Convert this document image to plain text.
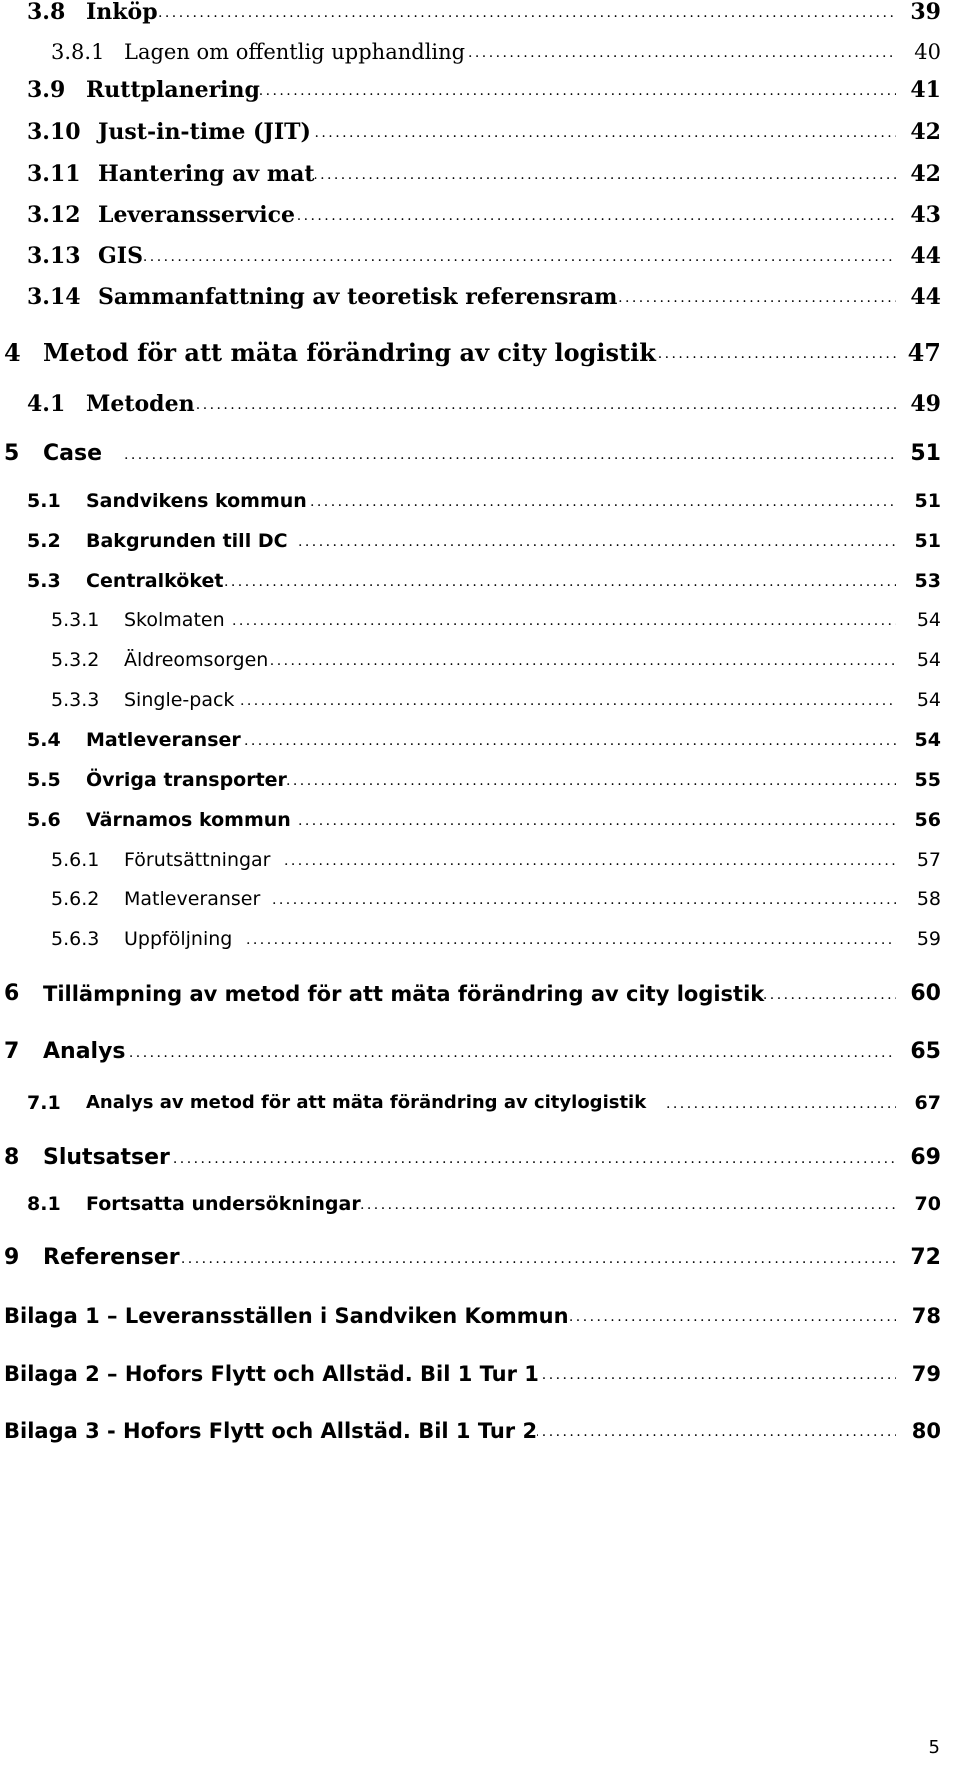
3.8 . . . Inköp	39
3.8.1 . . . Lagen om offentlig upphandling	40
3.9 . . . Ruttplanering	41
3.10 . . . Just-in-time (JIT)	42
3.11 . . . Hantering av mat	42
3.12 . . . Leveransservice	43
3.13 . . . GIS	44
3.14 . . . Sammanfattning av teoretisk referensram	44
4 . . . Metod för att mäta förändring av city logistik	47
4.1 . . . Metoden	49
5 . . . Case	51
5.1 . . . Sandvikens kommun	51
5.2 . . . Bakgrunden till DC	51
5.3 . . . Centralköket	53
5.3.1 . . . Skolmaten	54
5.3.2 . . . Äldreomsorgen	54
5.3.3 . . . Single-pack	54
5.4 . . . Matleveranser	54
5.5 . . . Övriga transporter	55
5.6 . . . Värnamos kommun	56
5.6.1 . . . Förutsättningar	57
5.6.2 . . . Matleveranser	58
5.6.3 . . . Uppföljning	59
6 . . . Tillämpning av metod för att mäta förändring av city logistik	60
7 . . . Analys	65
7.1 . . . Analys av metod för att mäta förändring av citylogistik	67
8 . . . Slutsatser	69
8.1 . . . Fortsatta undersökningar	70
9 . . . Referenser	72
. . .
Bilaga 1 – Leveransställen i Sandviken Kommun	78
. . .
Bilaga 2 – Hofors Flytt och Allstäd. Bil 1 Tur 1	79
. . .
Bilaga 3 - Hofors Flytt och Allstäd. Bil 1 Tur 2	80
5
